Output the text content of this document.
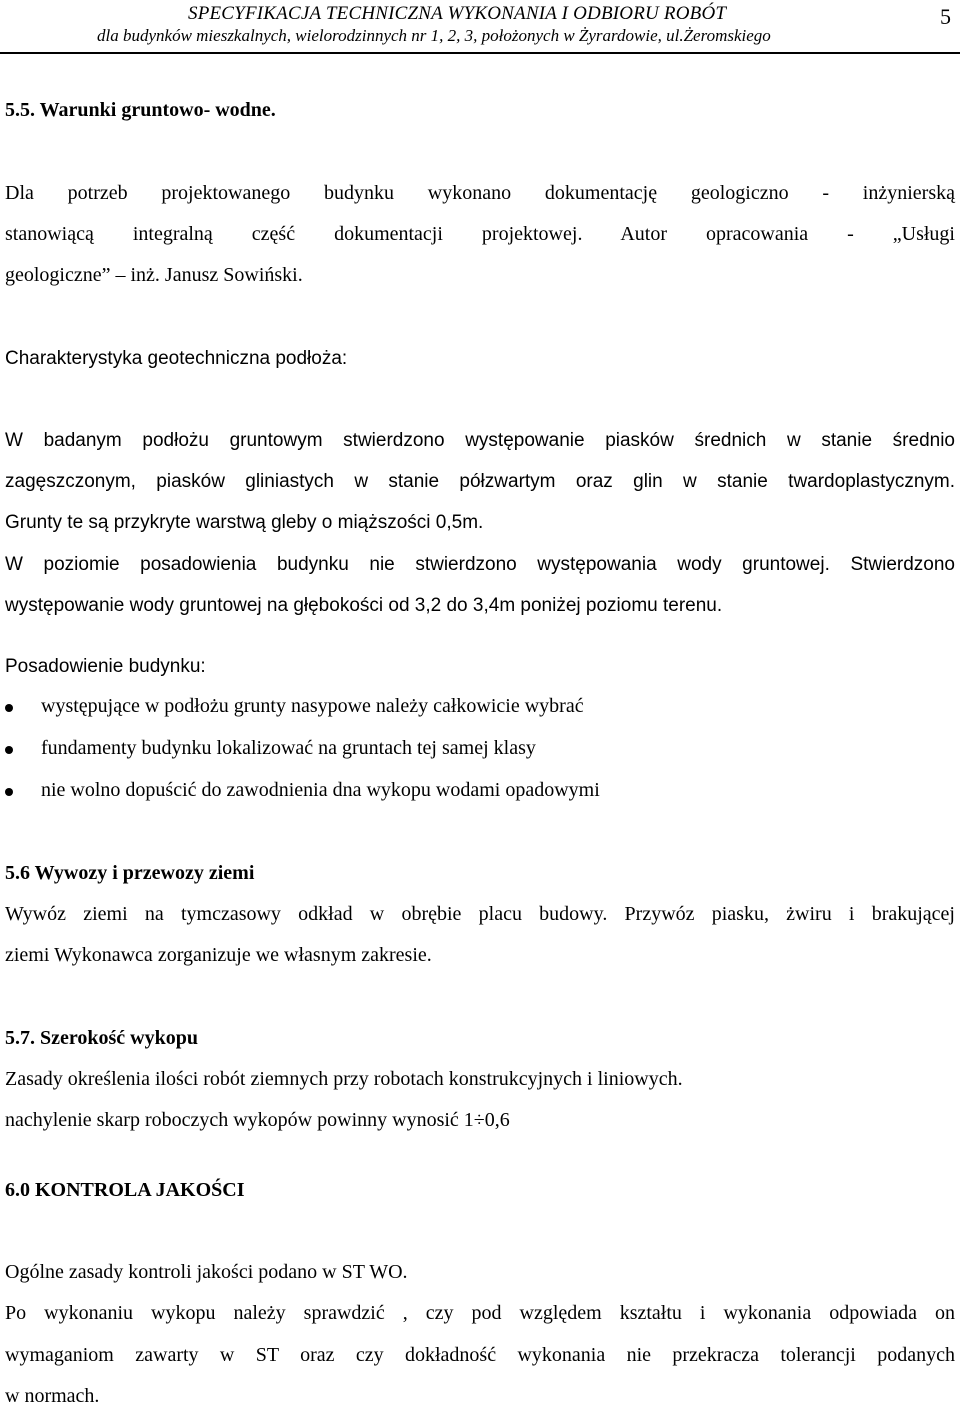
SPECYFIKACJA TECHNICZNA WYKONANIA I ODBIORU ROBÓT
dla budynków mieszkalnych, wielorodzinnych nr 1, 2, 3, położonych w Żyrardowie, ul.Żeromskiego
5
5.5. Warunki gruntowo- wodne.
Dla potrzeb projektowanego budynku wykonano dokumentację geologiczno - inżynierską
stanowiącą integralną część dokumentacji projektowej. Autor opracowania - „Usługi
geologiczne” – inż. Janusz Sowiński.
Charakterystyka geotechniczna podłoża:
W badanym podłożu gruntowym stwierdzono występowanie piasków średnich w stanie średnio
zagęszczonym, piasków gliniastych w stanie półzwartym oraz glin w stanie twardoplastycznym.
Grunty te są przykryte warstwą gleby o miąższości 0,5m.
W poziomie posadowienia budynku nie stwierdzono występowania wody gruntowej. Stwierdzono
występowanie wody gruntowej na głębokości od 3,2 do 3,4m poniżej poziomu terenu.
Posadowienie budynku:
występujące w podłożu grunty nasypowe należy całkowicie wybrać
fundamenty budynku lokalizować na gruntach tej samej klasy
nie wolno dopuścić do zawodnienia dna wykopu wodami opadowymi
5.6 Wywozy i przewozy ziemi
Wywóz ziemi na tymczasowy odkład w obrębie placu budowy. Przywóz piasku, żwiru i brakującej
ziemi Wykonawca zorganizuje we własnym zakresie.
5.7. Szerokość wykopu
Zasady określenia ilości robót ziemnych przy robotach konstrukcyjnych i liniowych.
nachylenie skarp roboczych wykopów powinny wynosić 1÷0,6
6.0 KONTROLA JAKOŚCI
Ogólne zasady kontroli jakości podano w ST WO.
Po wykonaniu wykopu należy sprawdzić , czy pod względem kształtu i wykonania odpowiada on
wymaganiom zawarty w ST oraz czy dokładność wykonania nie przekracza tolerancji podanych
w normach.
